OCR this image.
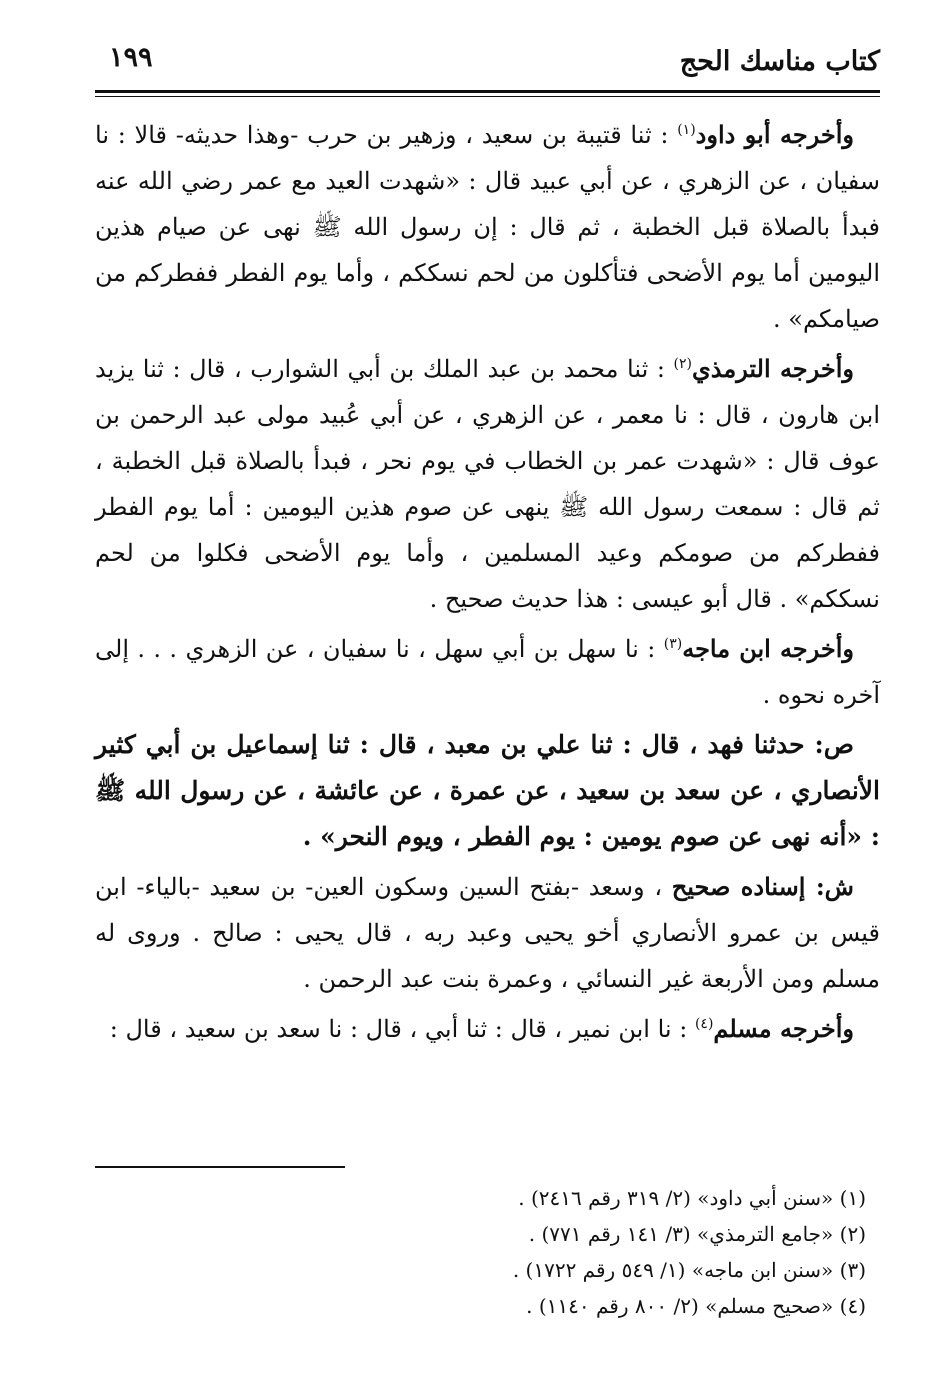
كتاب مناسك الحج
١٩٩

وأخرجه أبو داود$^{(١)}$ : ثنا قتيبة بن سعيد ، وزهير بن حرب -وهذا حديثه- قالا : نا سفيان ، عن الزهري ، عن أبي عبيد قال : «شهدت العيد مع عمر رضي الله عنه فبدأ بالصلاة قبل الخطبة ، ثم قال : إن رسول الله ﷺ نهى عن صيام هذين اليومين أما يوم الأضحى فتأكلون من لحم نسككم ، وأما يوم الفطر ففطركم من صيامكم» .

وأخرجه الترمذي$^{(٢)}$ : ثنا محمد بن عبد الملك بن أبي الشوارب ، قال : ثنا يزيد ابن هارون ، قال : نا معمر ، عن الزهري ، عن أبي عُبيد مولى عبد الرحمن بن عوف قال : «شهدت عمر بن الخطاب في يوم نحر ، فبدأ بالصلاة قبل الخطبة ، ثم قال : سمعت رسول الله ﷺ ينهى عن صوم هذين اليومين : أما يوم الفطر ففطركم من صومكم وعيد المسلمين ، وأما يوم الأضحى فكلوا من لحم نسككم» . قال أبو عيسى : هذا حديث صحيح .

وأخرجه ابن ماجه$^{(٣)}$ : نا سهل بن أبي سهل ، نا سفيان ، عن الزهري . . . إلى آخره نحوه .

ص: حدثنا فهد ، قال : ثنا علي بن معبد ، قال : ثنا إسماعيل بن أبي كثير الأنصاري ، عن سعد بن سعيد ، عن عمرة ، عن عائشة ، عن رسول الله ﷺ : «أنه نهى عن صوم يومين : يوم الفطر ، ويوم النحر» .

ش: إسناده صحيح ، وسعد -بفتح السين وسكون العين- بن سعيد -بالياء- ابن قيس بن عمرو الأنصاري أخو يحيى وعبد ربه ، قال يحيى : صالح . وروى له مسلم ومن الأربعة غير النسائي ، وعمرة بنت عبد الرحمن .

وأخرجه مسلم$^{(٤)}$ : نا ابن نمير ، قال : ثنا أبي ، قال : نا سعد بن سعيد ، قال :

(١) «سنن أبي داود» (٢/ ٣١٩ رقم ٢٤١٦) .
(٢) «جامع الترمذي» (٣/ ١٤١ رقم ٧٧١) .
(٣) «سنن ابن ماجه» (١/ ٥٤٩ رقم ١٧٢٢) .
(٤) «صحيح مسلم» (٢/ ٨٠٠ رقم ١١٤٠) .
